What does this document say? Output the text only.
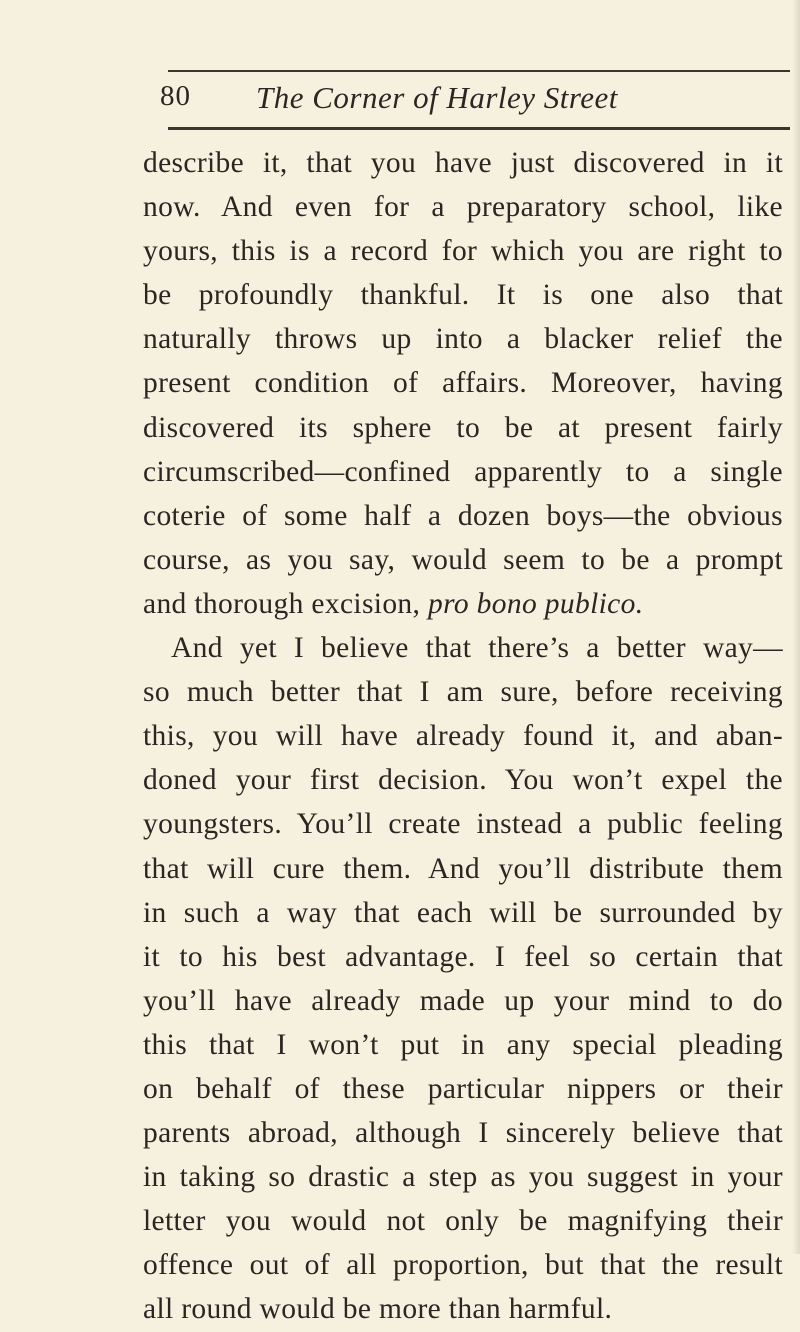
80 The Corner of Harley Street
describe it, that you have just discovered in it
now. And even for a preparatory school, like
yours, this is a record for which you are right to
be profoundly thankful. It is one also that
naturally throws up into a blacker relief the
present condition of affairs. Moreover, having
discovered its sphere to be at present fairly
circumscribed—confined apparently to a single
coterie of some half a dozen boys—the obvious
course, as you say, would seem to be a prompt
and thorough excision, pro bono publico.
And yet I believe that there’s a better way—
so much better that I am sure, before receiving
this, you will have already found it, and aban-
doned your first decision. You won’t expel the
youngsters. You’ll create instead a public feeling
that will cure them. And you’ll distribute them
in such a way that each will be surrounded by
it to his best advantage. I feel so certain that
you’ll have already made up your mind to do
this that I won’t put in any special pleading
on behalf of these particular nippers or their
parents abroad, although I sincerely believe that
in taking so drastic a step as you suggest in your
letter you would not only be magnifying their
offence out of all proportion, but that the result
all round would be more than harmful.
